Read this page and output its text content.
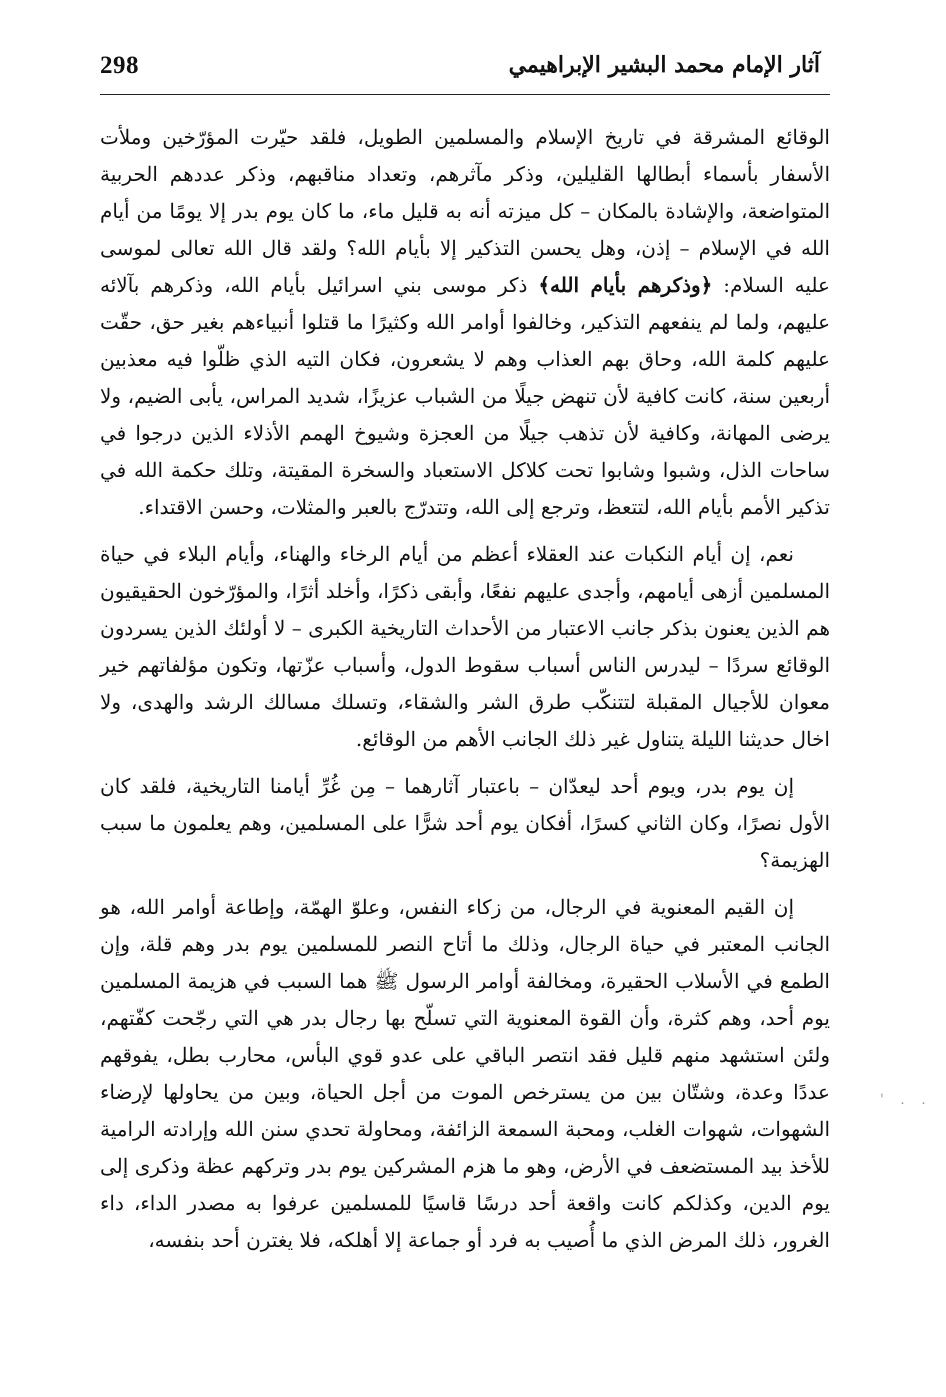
298	آثار الإمام محمد البشير الإبراهيمي

الوقائع المشرقة في تاريخ الإسلام والمسلمين الطويل، فلقد حيّرت المؤرّخين وملأت الأسفار بأسماء أبطالها القليلين، وذكر مآثرهم، وتعداد مناقبهم، وذكر عددهم الحربية المتواضعة، والإشادة بالمكان – كل ميزته أنه به قليل ماء، ما كان يوم بدر إلا يومًا من أيام الله في الإسلام – إذن، وهل يحسن التذكير إلا بأيام الله؟ ولقد قال الله تعالى لموسى عليه السلام: ﴿وذكرهم بأيام الله﴾ ذكر موسى بني اسرائيل بأيام الله، وذكرهم بآلائه عليهم، ولما لم ينفعهم التذكير، وخالفوا أوامر الله وكثيرًا ما قتلوا أنبياءهم بغير حق، حقّت عليهم كلمة الله، وحاق بهم العذاب وهم لا يشعرون، فكان التيه الذي ظلّوا فيه معذبين أربعين سنة، كانت كافية لأن تنهض جيلًا من الشباب عزيزًا، شديد المراس، يأبى الضيم، ولا يرضى المهانة، وكافية لأن تذهب جيلًا من العجزة وشيوخ الهمم الأذلاء الذين درجوا في ساحات الذل، وشبوا وشابوا تحت كلاكل الاستعباد والسخرة المقيتة، وتلك حكمة الله في تذكير الأمم بأيام الله، لتتعظ، وترجع إلى الله، وتتدرّج بالعبر والمثلات، وحسن الاقتداء.

نعم، إن أيام النكبات عند العقلاء أعظم من أيام الرخاء والهناء، وأيام البلاء في حياة المسلمين أزهى أيامهم، وأجدى عليهم نفعًا، وأبقى ذكرًا، وأخلد أثرًا، والمؤرّخون الحقيقيون هم الذين يعنون بذكر جانب الاعتبار من الأحداث التاريخية الكبرى – لا أولئك الذين يسردون الوقائع سردًا – ليدرس الناس أسباب سقوط الدول، وأسباب عزّتها، وتكون مؤلفاتهم خير معوان للأجيال المقبلة لتتنكّب طرق الشر والشقاء، وتسلك مسالك الرشد والهدى، ولا اخال حديثنا الليلة يتناول غير ذلك الجانب الأهم من الوقائع.

إن يوم بدر، ويوم أحد ليعدّان – باعتبار آثارهما – مِن غُرِّ أيامنا التاريخية، فلقد كان الأول نصرًا، وكان الثاني كسرًا، أفكان يوم أحد شرًّا على المسلمين، وهم يعلمون ما سبب الهزيمة؟

إن القيم المعنوية في الرجال، من زكاء النفس، وعلوّ الهمّة، وإطاعة أوامر الله، هو الجانب المعتبر في حياة الرجال، وذلك ما أتاح النصر للمسلمين يوم بدر وهم قلة، وإن الطمع في الأسلاب الحقيرة، ومخالفة أوامر الرسول ﷺ هما السبب في هزيمة المسلمين يوم أحد، وهم كثرة، وأن القوة المعنوية التي تسلّح بها رجال بدر هي التي رجّحت كفّتهم، ولئن استشهد منهم قليل فقد انتصر الباقي على عدو قوي البأس، محارب بطل، يفوقهم عددًا وعدة، وشتّان بين من يسترخص الموت من أجل الحياة، وبين من يحاولها لإرضاء الشهوات، شهوات الغلب، ومحبة السمعة الزائفة، ومحاولة تحدي سنن الله وإرادته الرامية للأخذ بيد المستضعف في الأرض، وهو ما هزم المشركين يوم بدر وتركهم عظة وذكرى إلى يوم الدين، وكذلكم كانت واقعة أحد درسًا قاسيًا للمسلمين عرفوا به مصدر الداء، داء الغرور، ذلك المرض الذي ما أُصيب به فرد أو جماعة إلا أهلكه، فلا يغترن أحد بنفسه،

' . .
